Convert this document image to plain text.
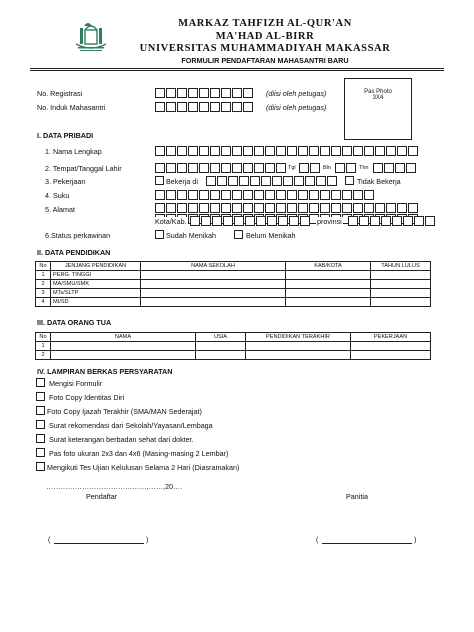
MARKAZ TAHFIZH AL-QUR'AN
MA'HAD AL-BIRR
UNIVERSITAS MUHAMMADIYAH MAKASSAR
FORMULIR PENDAFTARAN MAHASANTRI BARU
No. Registrasi	(diisi oleh petugas)
No. Induk Mahasantri	(diisi oleh petugas)
Pas Photo
3X4
I. DATA PRIBADI
1. Nama Lengkap
2. Tempat/Tanggal Lahir	Tgl	Bln	Thn
3. Pekerjaan	Bekerja di	Tidak Bekerja
4. Suku
5. Alamat
Kota/Kab.	provinsi
6.Status perkawinan	Sudah Menikah	Belum Menikah
II. DATA PENDIDIKAN
No	JENJANG PENDIDIKAN	NAMA SEKOLAH	KAB/KOTA	TAHUN LULUS
1	PERG. TINGGI			
2	MA/SMU/SMK			
3	MTs/SLTP			
4	MI/SD			
III. DATA ORANG TUA
No	NAMA	USIA	PENDIDIKAN TERAKHIR	PEKERJAAN
1				
2				
IV. LAMPIRAN BERKAS PERSYARATAN
Mengisi Formulir
Foto Copy Identitas Diri
Foto Copy Ijazah Terakhir (SMA/MAN Sederajat)
Surat rekomendasi dari Sekolah/Yayasan/Lembaga
Surat keterangan berbadan sehat dari dokter.
Pas foto ukuran 2x3 dan 4x6 (Masing-masing 2 Lembar)
Mengikuti Tes Ujian Kelulusan Selama 2 Hari (Diasramakan)
……………………………………,……,20….
Pendaftar	Panitia
(	)	(	)
